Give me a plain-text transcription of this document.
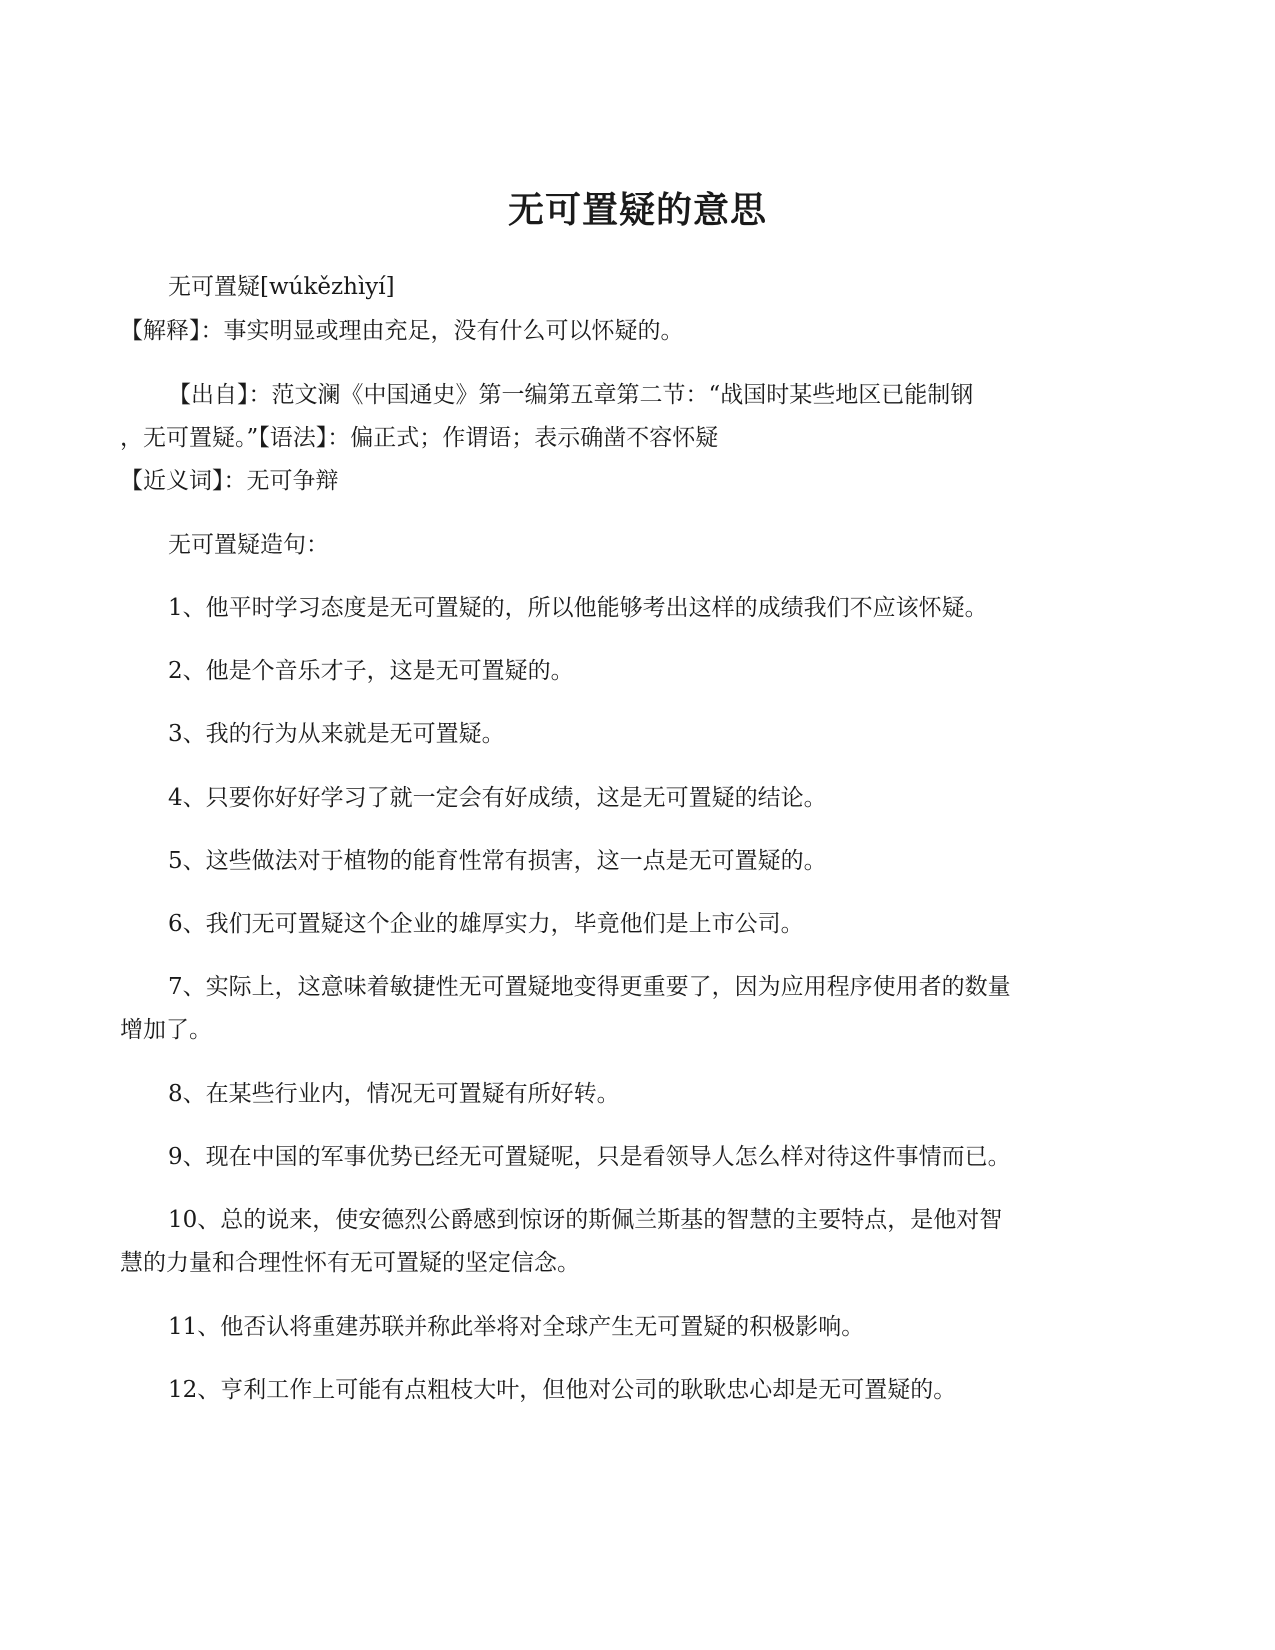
无可置疑的意思
无可置疑[wúkězhìyí]
【解释】：事实明显或理由充足，没有什么可以怀疑的。
【出自】：范文澜《中国通史》第一编第五章第二节：“战国时某些地区已能制钢
，无可置疑。”【语法】：偏正式；作谓语；表示确凿不容怀疑
【近义词】：无可争辩
无可置疑造句：
1、他平时学习态度是无可置疑的，所以他能够考出这样的成绩我们不应该怀疑。
2、他是个音乐才子，这是无可置疑的。
3、我的行为从来就是无可置疑。
4、只要你好好学习了就一定会有好成绩，这是无可置疑的结论。
5、这些做法对于植物的能育性常有损害，这一点是无可置疑的。
6、我们无可置疑这个企业的雄厚实力，毕竟他们是上市公司。
7、实际上，这意味着敏捷性无可置疑地变得更重要了，因为应用程序使用者的数量
增加了。
8、在某些行业内，情况无可置疑有所好转。
9、现在中国的军事优势已经无可置疑呢，只是看领导人怎么样对待这件事情而已。
10、总的说来，使安德烈公爵感到惊讶的斯佩兰斯基的智慧的主要特点，是他对智
慧的力量和合理性怀有无可置疑的坚定信念。
11、他否认将重建苏联并称此举将对全球产生无可置疑的积极影响。
12、亨利工作上可能有点粗枝大叶，但他对公司的耿耿忠心却是无可置疑的。
